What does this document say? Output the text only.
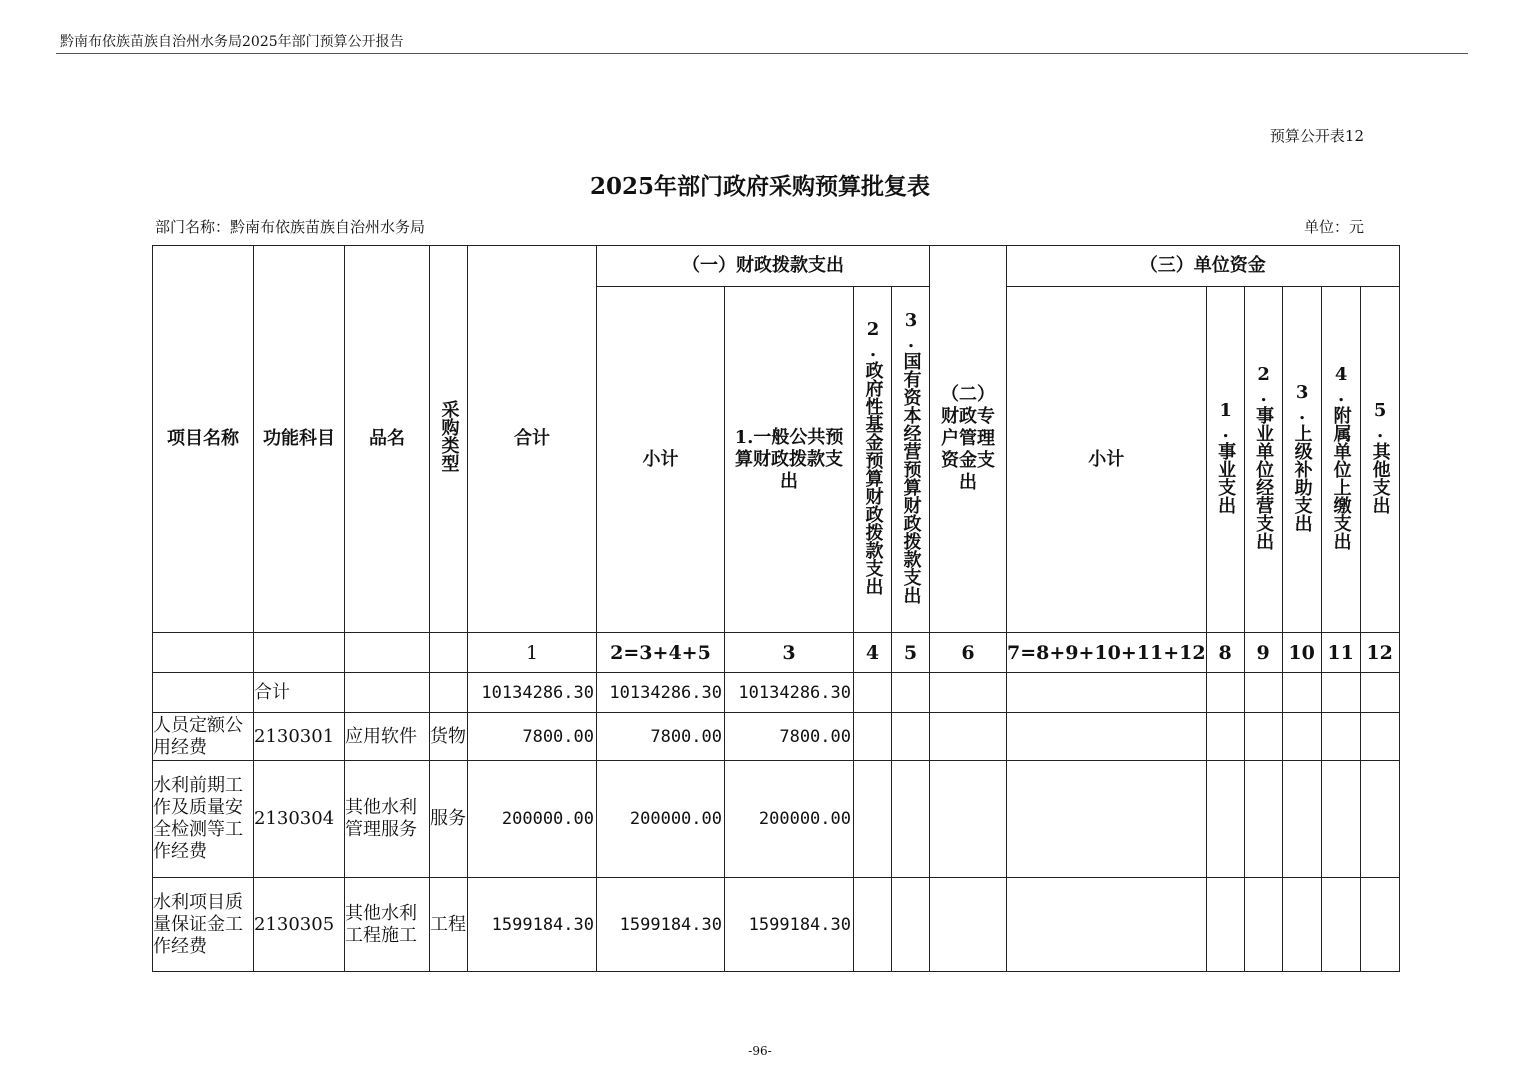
黔南布依族苗族自治州水务局2025年部门预算公开报告
预算公开表12
2025年部门政府采购预算批复表
部门名称：黔南布依族苗族自治州水务局	单位：元
项目名称	功能科目	品名	采购类型	合计	（一）财政拨款支出				（二）财政专户管理资金支出	（三）单位资金					
					小计	1.一般公共预算财政拨款支出	2.政府性基金预算财政拨款支出	3.国有资本经营预算财政拨款支出		小计	1.事业支出	2.事业单位经营支出	3.上级补助支出	4.附属单位上缴支出	5.其他支出
				1	2=3+4+5	3	4	5	6	7=8+9+10+11+12	8	9	10	11	12
	合计			10134286.30	10134286.30	10134286.30									
人员定额公用经费	2130301	应用软件	货物	7800.00	7800.00	7800.00									
水利前期工作及质量安全检测等工作经费	2130304	其他水利管理服务	服务	200000.00	200000.00	200000.00									
水利项目质量保证金工作经费	2130305	其他水利工程施工	工程	1599184.30	1599184.30	1599184.30									
-96-
